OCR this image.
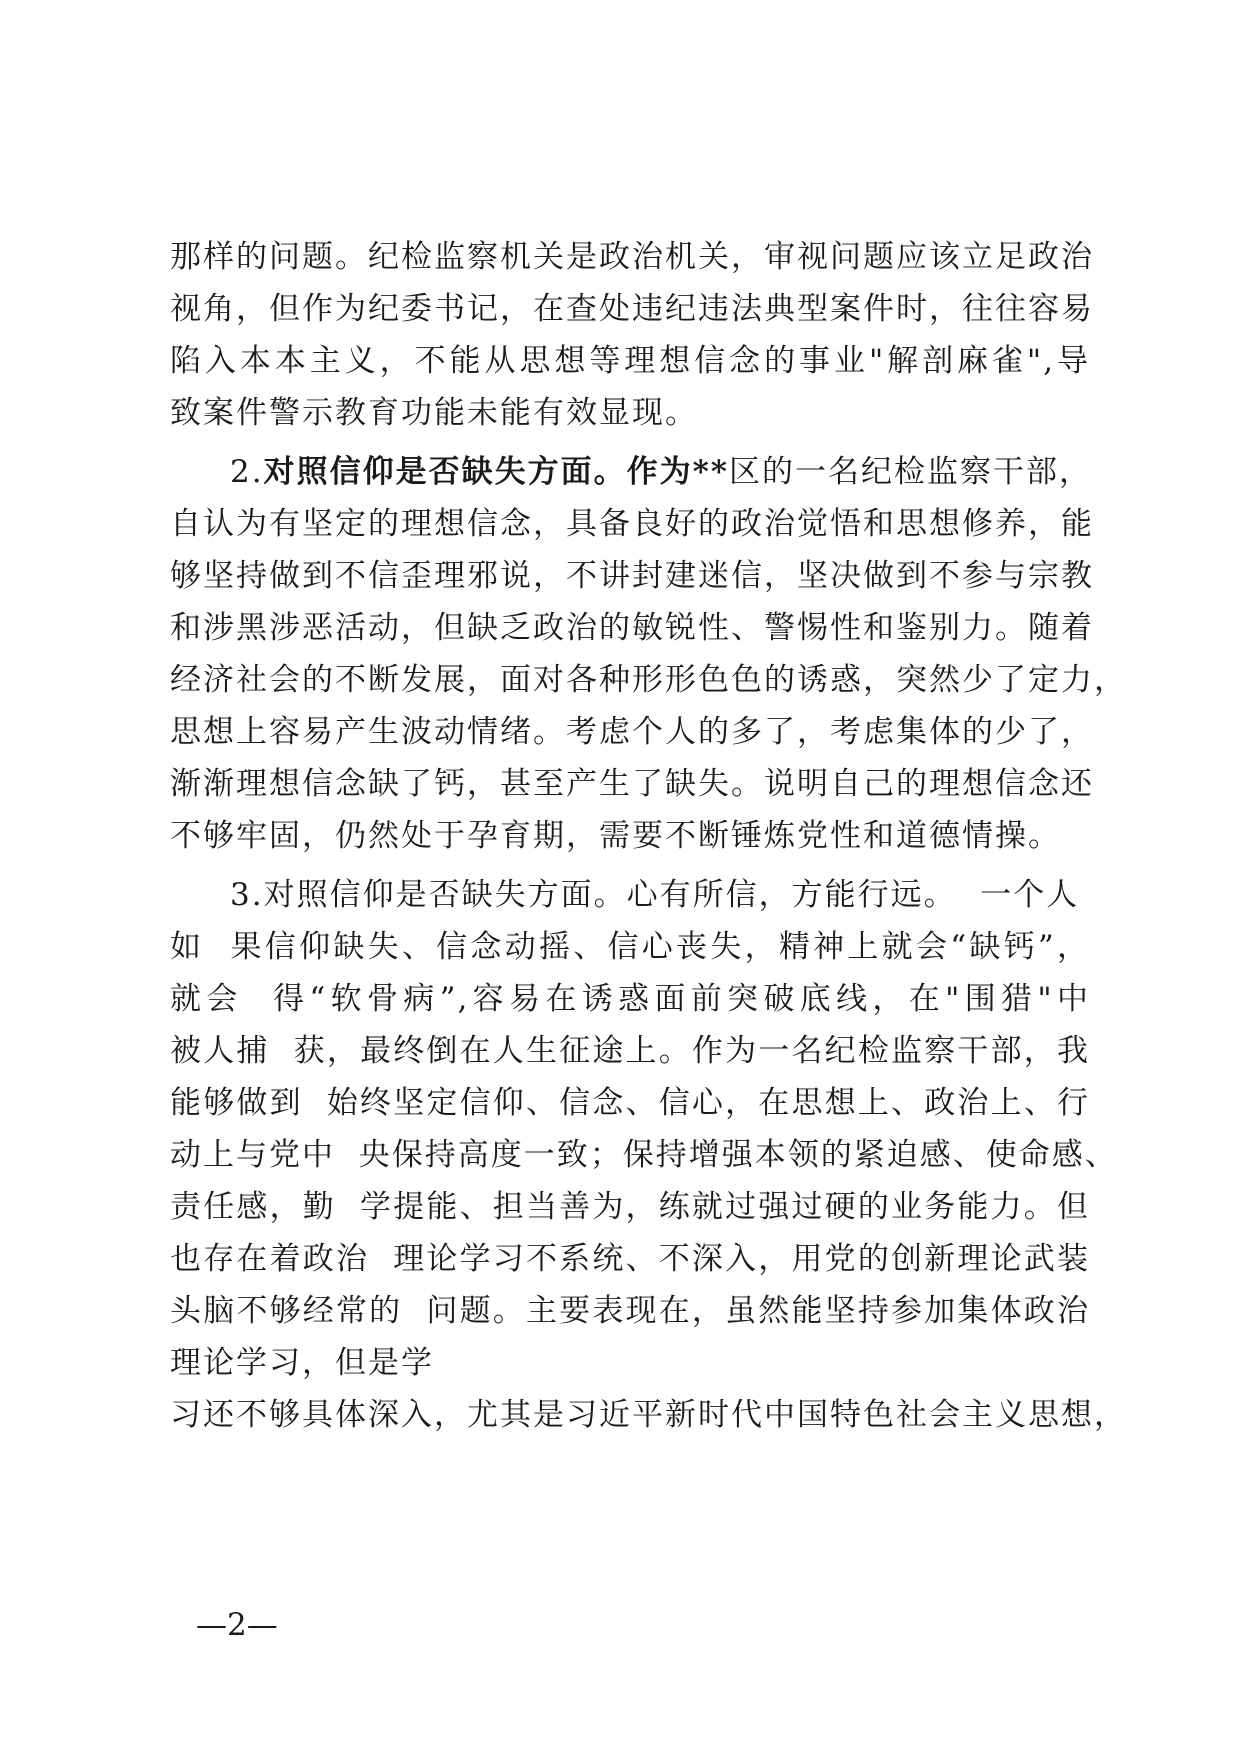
那样的问题。纪检监察机关是政治机关，审视问题应该立足政治
视角，但作为纪委书记，在查处违纪违法典型案件时，往往容易
陷入本本主义，不能从思想等理想信念的事业"解剖麻雀",导
致案件警示教育功能未能有效显现。
2.对照信仰是否缺失方面。作为**区的一名纪检监察干部，
自认为有坚定的理想信念，具备良好的政治觉悟和思想修养，能
够坚持做到不信歪理邪说，不讲封建迷信，坚决做到不参与宗教
和涉黑涉恶活动，但缺乏政治的敏锐性、警惕性和鉴别力。随着
经济社会的不断发展，面对各种形形色色的诱惑，突然少了定力，
思想上容易产生波动情绪。考虑个人的多了，考虑集体的少了，
渐渐理想信念缺了钙，甚至产生了缺失。说明自己的理想信念还
不够牢固，仍然处于孕育期，需要不断锤炼党性和道德情操。
3.对照信仰是否缺失方面。心有所信，方能行远。  一个人
如  果信仰缺失、信念动摇、信心丧失，精神上就会“缺钙”，
就会  得“软骨病”,容易在诱惑面前突破底线，在"围猎"中
被人捕  获，最终倒在人生征途上。作为一名纪检监察干部，我
能够做到  始终坚定信仰、信念、信心，在思想上、政治上、行
动上与党中  央保持高度一致；保持增强本领的紧迫感、使命感、
责任感，勤  学提能、担当善为，练就过强过硬的业务能力。但
也存在着政治  理论学习不系统、不深入，用党的创新理论武装
头脑不够经常的  问题。主要表现在，虽然能坚持参加集体政治
理论学习，但是学
习还不够具体深入，尤其是习近平新时代中国特色社会主义思想，
—2—
